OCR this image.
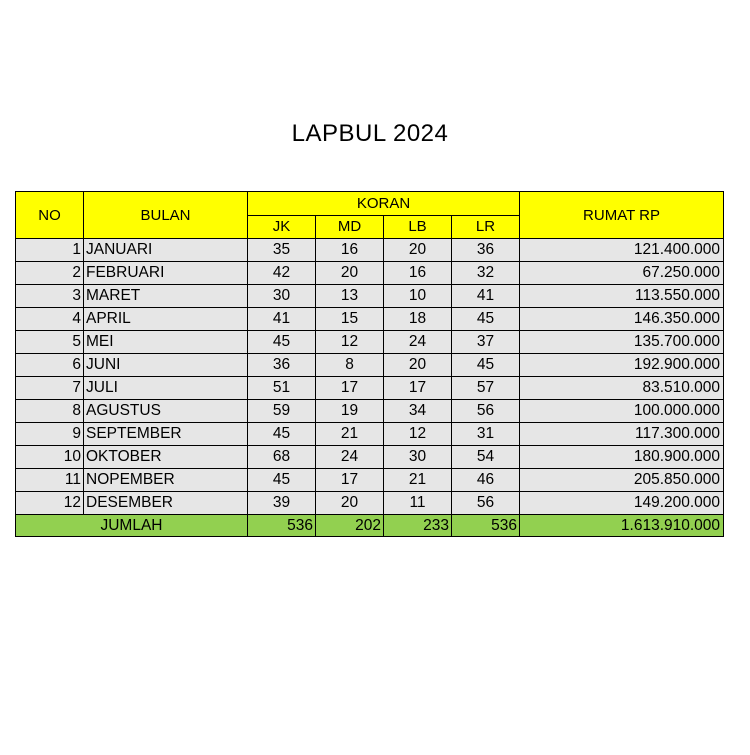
LAPBUL 2024
NO	BULAN	KORAN				RUMAT RP
		JK	MD	LB	LR	
1	JANUARI	35	16	20	36	121.400.000
2	FEBRUARI	42	20	16	32	67.250.000
3	MARET	30	13	10	41	113.550.000
4	APRIL	41	15	18	45	146.350.000
5	MEI	45	12	24	37	135.700.000
6	JUNI	36	8	20	45	192.900.000
7	JULI	51	17	17	57	83.510.000
8	AGUSTUS	59	19	34	56	100.000.000
9	SEPTEMBER	45	21	12	31	117.300.000
10	OKTOBER	68	24	30	54	180.900.000
11	NOPEMBER	45	17	21	46	205.850.000
12	DESEMBER	39	20	11	56	149.200.000
JUMLAH		536	202	233	536	1.613.910.000
